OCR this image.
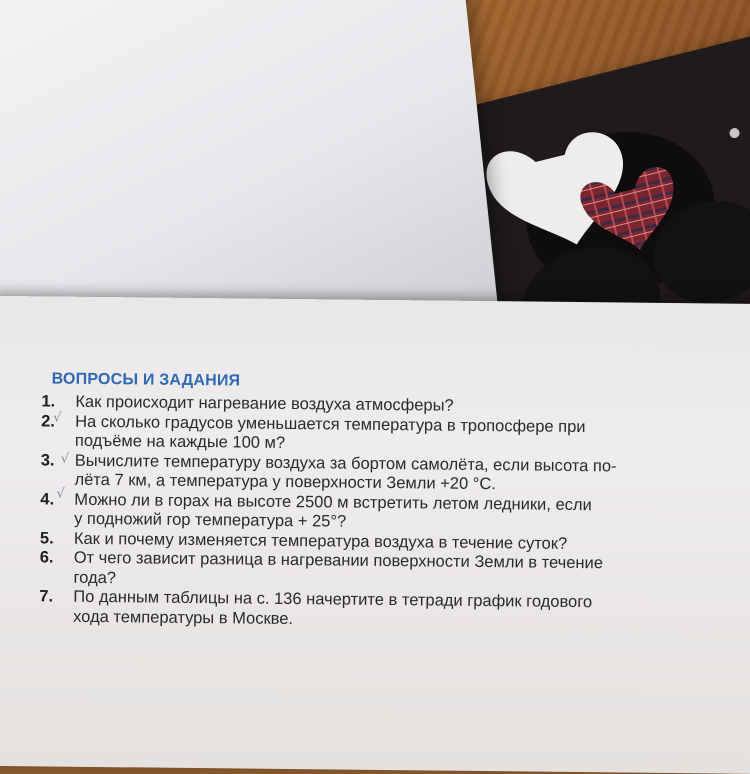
ВОПРОСЫ И ЗАДАНИЯ
1.	Как происходит нагревание воздуха атмосферы?
2.
√ На сколько градусов уменьшается температура в тропосфере при
подъёме на каждые 100 м?
3. √ Вычислите температуру воздуха за бортом самолёта, если высота по-
лёта 7 км, а температура у поверхности Земли +20 °С.
4. √ Можно ли в горах на высоте 2500 м встретить летом ледники, если
у подножий гор температура + 25°?
5.	Как и почему изменяется температура воздуха в течение суток?
6.	От чего зависит разница в нагревании поверхности Земли в течение
года?
7.	По данным таблицы на с. 136 начертите в тетради график годового
хода температуры в Москве.
